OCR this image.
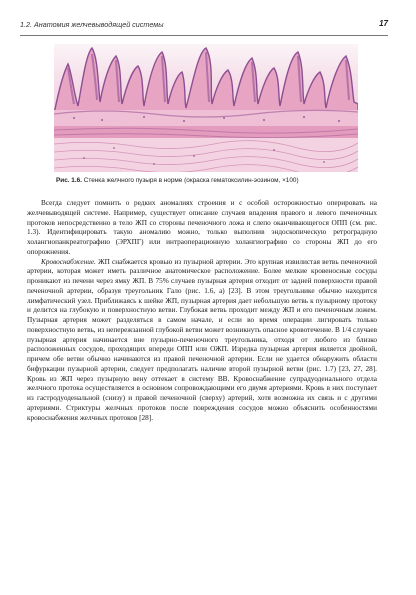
1.2. Анатомия желчевыводящей системы	17
Рис. 1.6. Стенка желчного пузыря в норме (окраска гематоксилин-эозином, ×100)

Всегда следует помнить о редких аномалиях строения и с особой осторожностью оперировать на желчевыводящей системе. Например, существует описание случаев впадения правого и левого печеночных протоков непосредственно в тело ЖП со стороны печеночного ложа и слепо оканчивающегося ОПП (см. рис. 1.3). Идентифицировать такую аномалию можно, только выполнив эндоскопическую ретроградную холангиопанкреатографию (ЭРХПГ) или интраоперационную холангиографию со стороны ЖП до его опорожнения.

Кровоснабжение. ЖП снабжается кровью из пузырной артерии. Это крупная извилистая ветвь печеночной артерии, которая может иметь различное анатомическое расположение. Более мелкие кровеносные сосуды проникают из печени через ямку ЖП. В 75% случаев пузырная артерия отходит от задней поверхности правой печеночной артерии, образуя треугольник Гало (рис. 1.6, а) [23]. В этом треугольнике обычно находится лимфатический узел. Приближаясь к шейке ЖП, пузырная артерия дает небольшую ветвь к пузырному протоку и делится на глубокую и поверхностную ветви. Глубокая ветвь проходит между ЖП и его печеночным ложем. Пузырная артерия может разделяться в самом начале, и если во время операции лигировать только поверхностную ветвь, из непережзанной глубокой ветви может возникнуть опасное кровотечение. В 1/4 случаев пузырная артерия начинается вне пузырно-печеночного треугольника, отходя от любого из близко расположенных сосудов, проходящих впереди ОПП или ОЖП. Изредка пузырная артерия является двойной, причем обе ветви обычно начинаются из правой печеночной артерии. Если не удается обнаружить области бифуркации пузырной артерии, следует предполагать наличие второй пузырной ветви (рис. 1.7) [23, 27, 28]. Кровь из ЖП через пузырную вену оттекает в систему ВВ. Кровоснабжение супрадуоденального отдела желчного протока осуществляется в основном сопровождающими его двумя артериями. Кровь в них поступает из гастродуоденальной (снизу) и правой печеночной (сверху) артерий, хотя возможна их связь и с другими артериями. Стриктуры желчных протоков после повреждения сосудов можно объяснить особенностями кровоснабжения желчных протоков [28].
